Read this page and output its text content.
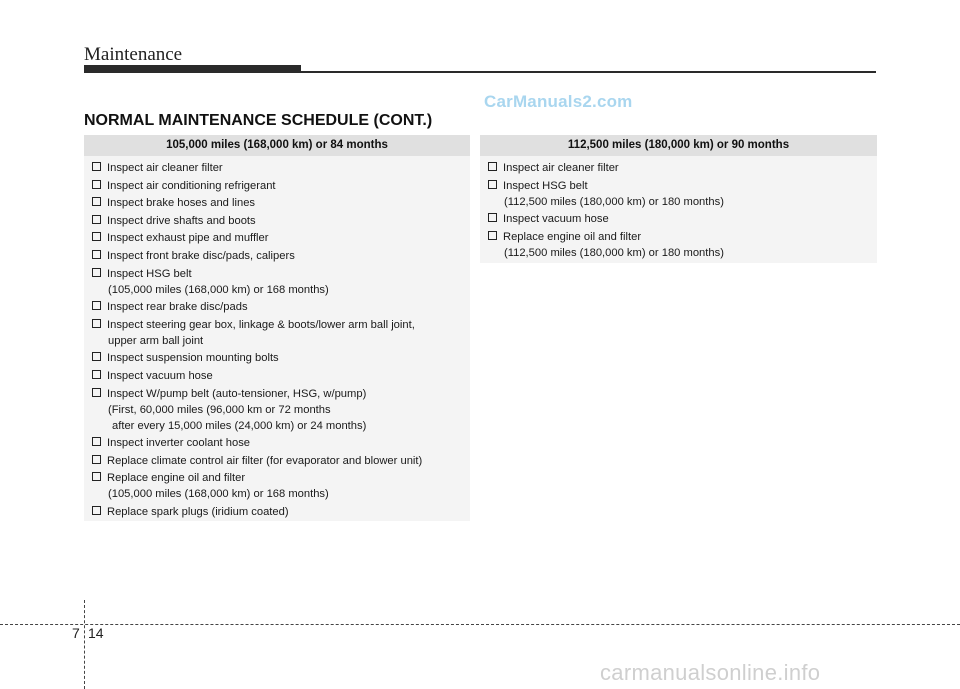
Maintenance

CarManuals2.com

NORMAL MAINTENANCE SCHEDULE (CONT.)
105,000 miles (168,000 km) or 84 months
Inspect air cleaner filter
Inspect air conditioning refrigerant
Inspect brake hoses and lines
Inspect drive shafts and boots
Inspect exhaust pipe and muffler
Inspect front brake disc/pads, calipers
Inspect HSG belt
(105,000 miles (168,000 km) or 168 months)
Inspect rear brake disc/pads
Inspect steering gear box, linkage & boots/lower arm ball joint,
upper arm ball joint
Inspect suspension mounting bolts
Inspect vacuum hose
Inspect W/pump belt (auto-tensioner, HSG, w/pump)
(First, 60,000 miles (96,000 km or 72 months
after every 15,000 miles (24,000 km) or 24 months)
Inspect inverter coolant hose
Replace climate control air filter (for evaporator and blower unit)
Replace engine oil and filter
(105,000 miles (168,000 km) or 168 months)
Replace spark plugs (iridium coated)
112,500 miles (180,000 km) or 90 months
Inspect air cleaner filter
Inspect HSG belt
(112,500 miles (180,000 km) or 180 months)
Inspect vacuum hose
Replace engine oil and filter
(112,500 miles (180,000 km) or 180 months)
7 14

carmanualsonline.info
